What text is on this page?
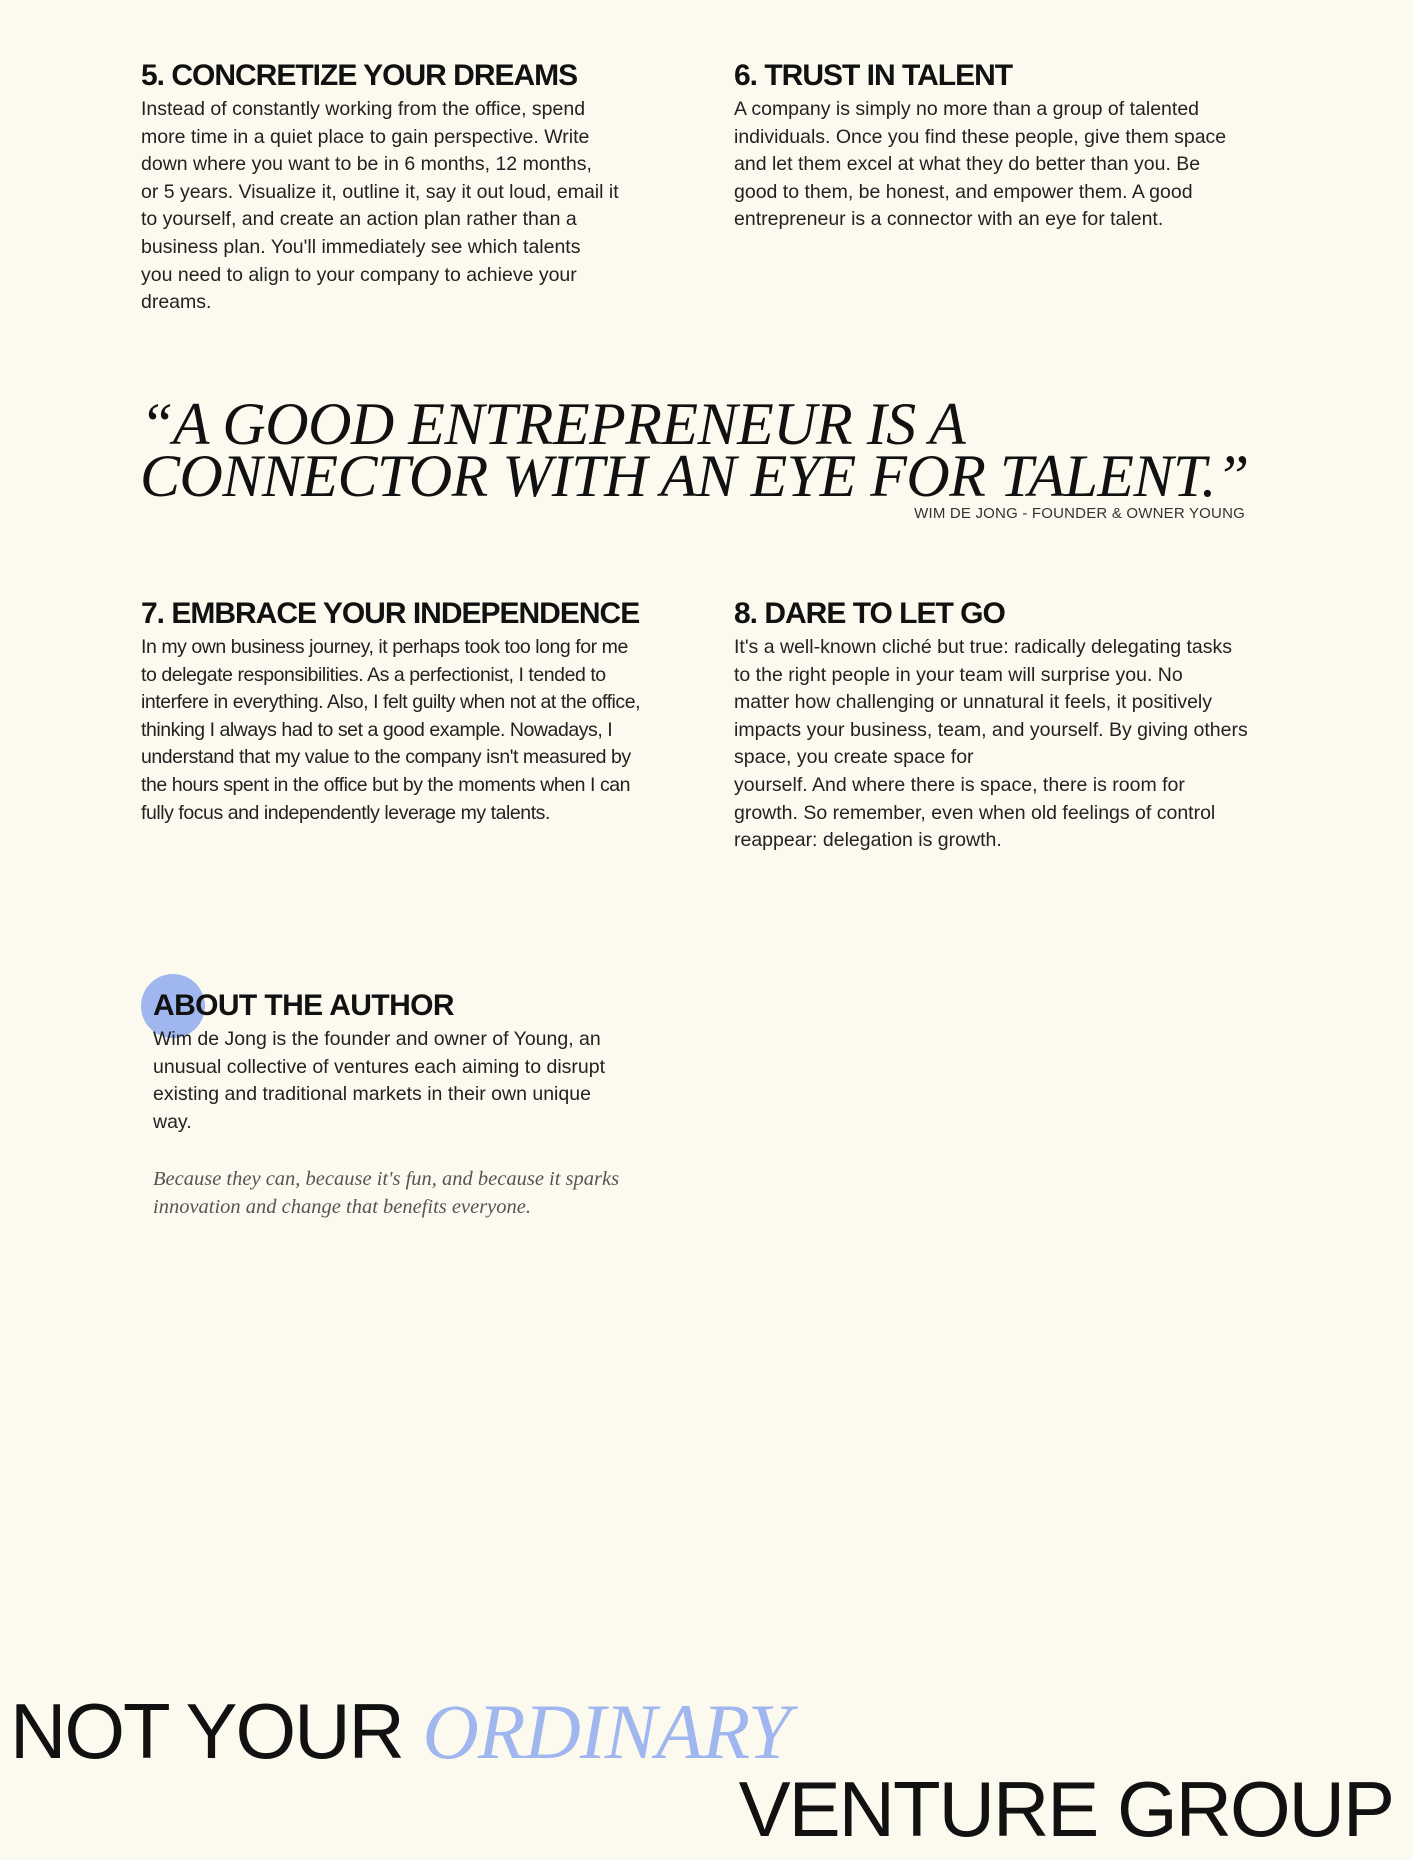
5. CONCRETIZE YOUR DREAMS

Instead of constantly working from the office, spend
more time in a quiet place to gain perspective. Write
down where you want to be in 6 months, 12 months,
or 5 years. Visualize it, outline it, say it out loud, email it
to yourself, and create an action plan rather than a
business plan. You'll immediately see which talents
you need to align to your company to achieve your
dreams.

6. TRUST IN TALENT

A company is simply no more than a group of talented
individuals. Once you find these people, give them space
and let them excel at what they do better than you. Be
good to them, be honest, and empower them. A good
entrepreneur is a connector with an eye for talent.

“A GOOD ENTREPRENEUR IS A
CONNECTOR WITH AN EYE FOR TALENT.”

WIM DE JONG - FOUNDER & OWNER YOUNG
7. EMBRACE YOUR INDEPENDENCE

In my own business journey, it perhaps took too long for me
to delegate responsibilities. As a perfectionist, I tended to
interfere in everything. Also, I felt guilty when not at the office,
thinking I always had to set a good example. Nowadays, I
understand that my value to the company isn't measured by
the hours spent in the office but by the moments when I can
fully focus and independently leverage my talents.

8. DARE TO LET GO

It's a well-known cliché but true: radically delegating tasks
to the right people in your team will surprise you. No
matter how challenging or unnatural it feels, it positively
impacts your business, team, and yourself. By giving others
space, you create space for
yourself. And where there is space, there is room for
growth. So remember, even when old feelings of control
reappear: delegation is growth.

ABOUT THE AUTHOR

Wim de Jong is the founder and owner of Young, an
unusual collective of ventures each aiming to disrupt
existing and traditional markets in their own unique
way.

Because they can, because it's fun, and because it sparks
innovation and change that benefits everyone.

NOT YOUR ORDINARY
VENTURE GROUP
